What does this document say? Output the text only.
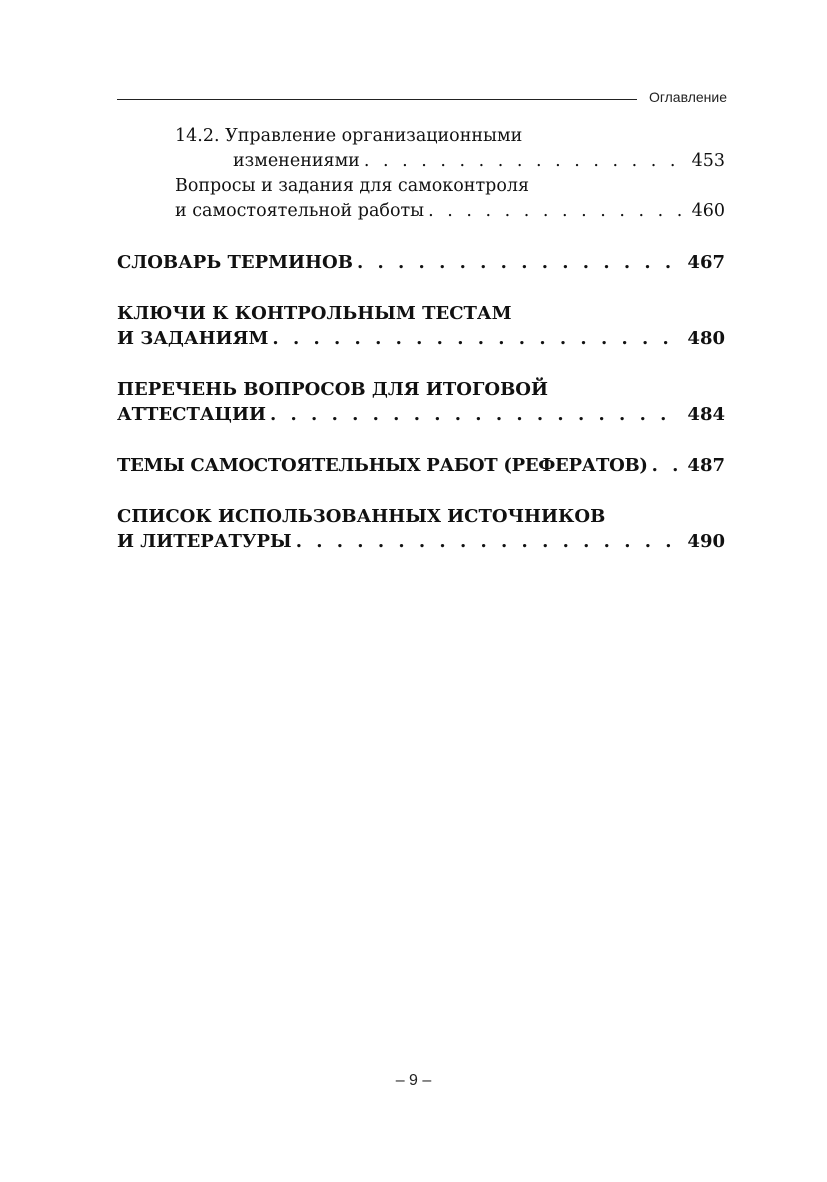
Оглавление
14.2. Управление организационными
изменениями . . .	453
Вопросы и задания для самоконтроля
и самостоятельной работы . . .	460
СЛОВАРЬ ТЕРМИНОВ . . .	467
КЛЮЧИ К КОНТРОЛЬНЫМ ТЕСТАМ
И ЗАДАНИЯМ . . .	480
ПЕРЕЧЕНЬ ВОПРОСОВ ДЛЯ ИТОГОВОЙ
АТТЕСТАЦИИ . . .	484
ТЕМЫ САМОСТОЯТЕЛЬНЫХ РАБОТ (РЕФЕРАТОВ) . . . 487
СПИСОК ИСПОЛЬЗОВАННЫХ ИСТОЧНИКОВ
И ЛИТЕРАТУРЫ . . .	490
– 9 –
